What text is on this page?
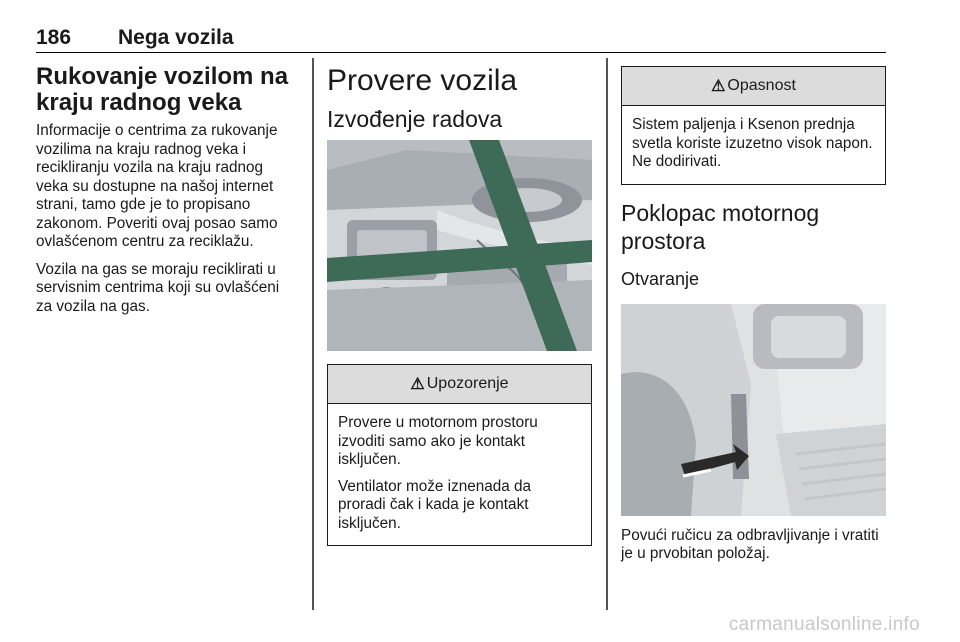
186 Nega vozila
Rukovanje vozilom na kraju radnog veka

Informacije o centrima za rukovanje vozilima na kraju radnog veka i recikliranju vozila na kraju radnog veka su dostupne na našoj internet strani, tamo gde je to propisano zakonom. Poveriti ovaj posao samo ovlašćenom centru za reciklažu.

Vozila na gas se moraju reciklirati u servisnim centrima koji su ovlašćeni za vozila na gas.

Provere vozila
Izvođenje radova
⚠ Upozorenje

Provere u motornom prostoru izvoditi samo ako je kontakt isključen.

Ventilator može iznenada da proradi čak i kada je kontakt isključen.

⚠ Opasnost

Sistem paljenja i Ksenon prednja svetla koriste izuzetno visok napon. Ne dodirivati.

Poklopac motornog prostora
Otvaranje

Povući ručicu za odbravljivanje i vratiti je u prvobitan položaj.

carmanualsonline.info
